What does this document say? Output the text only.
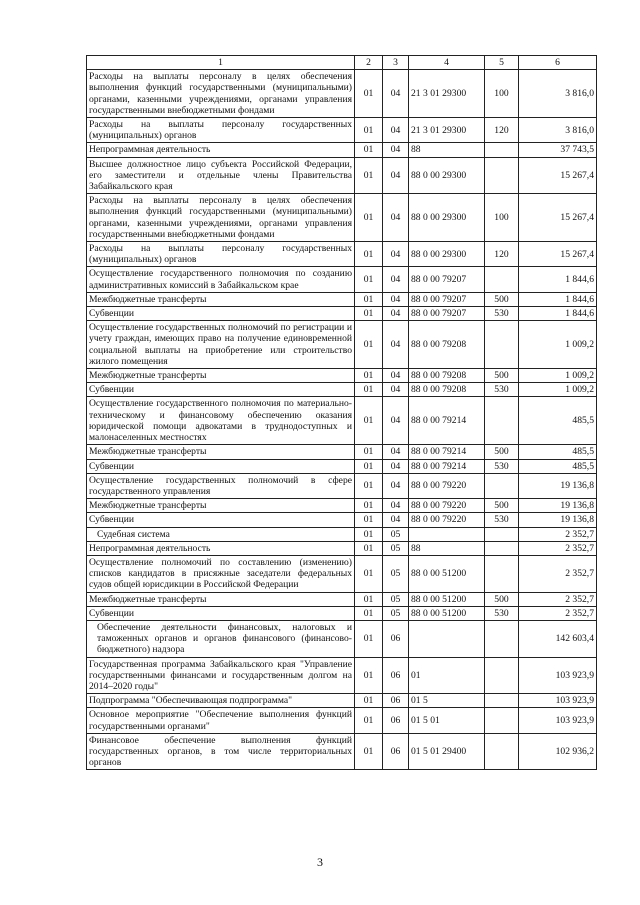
1	2	3	4	5	6
Расходы на выплаты персоналу в целях обеспечения выполнения функций государственными (муниципальными) органами, казенными учреждениями, органами управления государственными внебюджетными фондами	01	04	21 3 01 29300	100	3 816,0
Расходы на выплаты персоналу государственных (муниципальных) органов	01	04	21 3 01 29300	120	3 816,0
Непрограммная деятельность	01	04	88		37 743,5
Высшее должностное лицо субъекта Российской Федерации, его заместители и отдельные члены Правительства Забайкальского края	01	04	88 0 00 29300		15 267,4
Расходы на выплаты персоналу в целях обеспечения выполнения функций государственными (муниципальными) органами, казенными учреждениями, органами управления государственными внебюджетными фондами	01	04	88 0 00 29300	100	15 267,4
Расходы на выплаты персоналу государственных (муниципальных) органов	01	04	88 0 00 29300	120	15 267,4
Осуществление государственного полномочия по созданию административных комиссий в Забайкальском крае	01	04	88 0 00 79207		1 844,6
Межбюджетные трансферты	01	04	88 0 00 79207	500	1 844,6
Субвенции	01	04	88 0 00 79207	530	1 844,6
Осуществление государственных полномочий по регистрации и учету граждан, имеющих право на получение единовременной социальной выплаты на приобретение или строительство жилого помещения	01	04	88 0 00 79208		1 009,2
Межбюджетные трансферты	01	04	88 0 00 79208	500	1 009,2
Субвенции	01	04	88 0 00 79208	530	1 009,2
Осуществление государственного полномочия по материально-техническому и финансовому обеспечению оказания юридической помощи адвокатами в труднодоступных и малонаселенных местностях	01	04	88 0 00 79214		485,5
Межбюджетные трансферты	01	04	88 0 00 79214	500	485,5
Субвенции	01	04	88 0 00 79214	530	485,5
Осуществление государственных полномочий в сфере государственного управления	01	04	88 0 00 79220		19 136,8
Межбюджетные трансферты	01	04	88 0 00 79220	500	19 136,8
Субвенции	01	04	88 0 00 79220	530	19 136,8
Судебная система	01	05			2 352,7
Непрограммная деятельность	01	05	88		2 352,7
Осуществление полномочий по составлению (изменению) списков кандидатов в присяжные заседатели федеральных судов общей юрисдикции в Российской Федерации	01	05	88 0 00 51200		2 352,7
Межбюджетные трансферты	01	05	88 0 00 51200	500	2 352,7
Субвенции	01	05	88 0 00 51200	530	2 352,7
Обеспечение деятельности финансовых, налоговых и таможенных органов и органов финансового (финансово-бюджетного) надзора	01	06			142 603,4
Государственная программа Забайкальского края "Управление государственными финансами и государственным долгом на 2014–2020 годы"	01	06	01		103 923,9
Подпрограмма "Обеспечивающая подпрограмма"	01	06	01 5		103 923,9
Основное мероприятие "Обеспечение выполнения функций государственными органами"	01	06	01 5 01		103 923,9
Финансовое обеспечение выполнения функций государственных органов, в том числе территориальных органов	01	06	01 5 01 29400		102 936,2
3
